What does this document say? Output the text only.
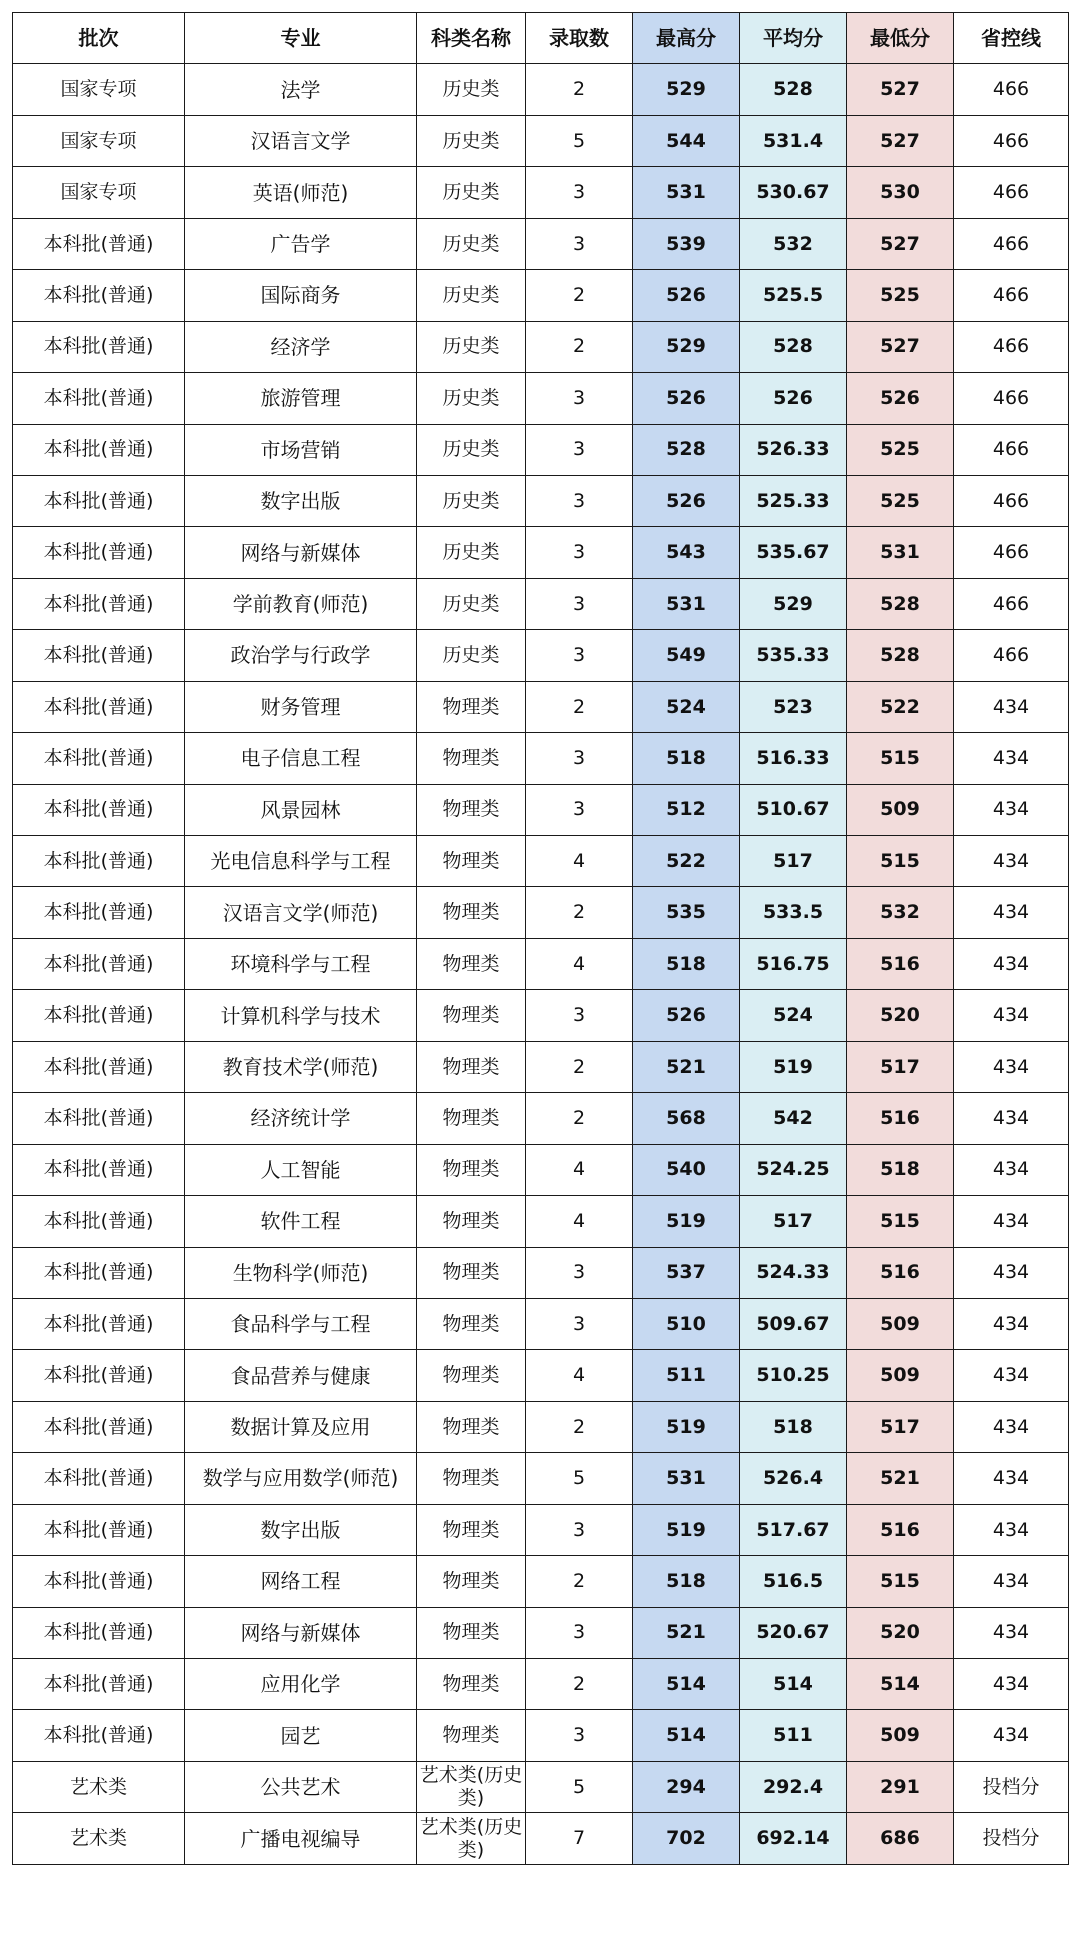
批次	专业	科类名称	录取数	最高分	平均分	最低分	省控线
国家专项	法学	历史类	2	529	528	527	466
国家专项	汉语言文学	历史类	5	544	531.4	527	466
国家专项	英语(师范)	历史类	3	531	530.67	530	466
本科批(普通)	广告学	历史类	3	539	532	527	466
本科批(普通)	国际商务	历史类	2	526	525.5	525	466
本科批(普通)	经济学	历史类	2	529	528	527	466
本科批(普通)	旅游管理	历史类	3	526	526	526	466
本科批(普通)	市场营销	历史类	3	528	526.33	525	466
本科批(普通)	数字出版	历史类	3	526	525.33	525	466
本科批(普通)	网络与新媒体	历史类	3	543	535.67	531	466
本科批(普通)	学前教育(师范)	历史类	3	531	529	528	466
本科批(普通)	政治学与行政学	历史类	3	549	535.33	528	466
本科批(普通)	财务管理	物理类	2	524	523	522	434
本科批(普通)	电子信息工程	物理类	3	518	516.33	515	434
本科批(普通)	风景园林	物理类	3	512	510.67	509	434
本科批(普通)	光电信息科学与工程	物理类	4	522	517	515	434
本科批(普通)	汉语言文学(师范)	物理类	2	535	533.5	532	434
本科批(普通)	环境科学与工程	物理类	4	518	516.75	516	434
本科批(普通)	计算机科学与技术	物理类	3	526	524	520	434
本科批(普通)	教育技术学(师范)	物理类	2	521	519	517	434
本科批(普通)	经济统计学	物理类	2	568	542	516	434
本科批(普通)	人工智能	物理类	4	540	524.25	518	434
本科批(普通)	软件工程	物理类	4	519	517	515	434
本科批(普通)	生物科学(师范)	物理类	3	537	524.33	516	434
本科批(普通)	食品科学与工程	物理类	3	510	509.67	509	434
本科批(普通)	食品营养与健康	物理类	4	511	510.25	509	434
本科批(普通)	数据计算及应用	物理类	2	519	518	517	434
本科批(普通)	数学与应用数学(师范)	物理类	5	531	526.4	521	434
本科批(普通)	数字出版	物理类	3	519	517.67	516	434
本科批(普通)	网络工程	物理类	2	518	516.5	515	434
本科批(普通)	网络与新媒体	物理类	3	521	520.67	520	434
本科批(普通)	应用化学	物理类	2	514	514	514	434
本科批(普通)	园艺	物理类	3	514	511	509	434
艺术类	公共艺术	艺术类(历史类)	5	294	292.4	291	投档分
艺术类	广播电视编导	艺术类(历史类)	7	702	692.14	686	投档分
